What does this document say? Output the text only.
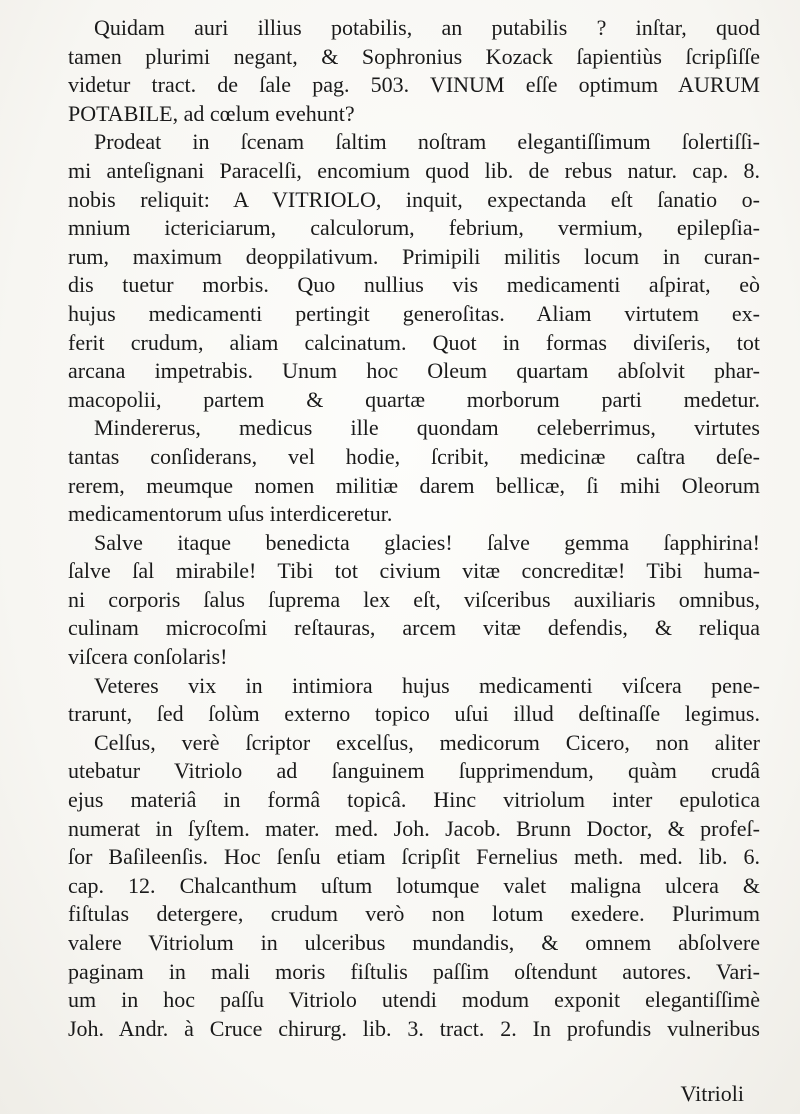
Quidam auri illius potabilis, an putabilis ? inſtar, quod
tamen plurimi negant, & Sophronius Kozack ſapientiùs ſcripſiſſe
videtur tract. de ſale pag. 503. VINUM eſſe optimum AURUM
POTABILE, ad cœlum evehunt?
Prodeat in ſcenam ſaltim noſtram elegantiſſimum ſolertiſſi-
mi anteſignani Paracelſi, encomium quod lib. de rebus natur. cap. 8.
nobis reliquit: A VITRIOLO, inquit, expectanda eſt ſanatio o-
mnium ictericiarum, calculorum, febrium, vermium, epilepſia-
rum, maximum deoppilativum. Primipili militis locum in curan-
dis tuetur morbis. Quo nullius vis medicamenti aſpirat, eò
hujus medicamenti pertingit generoſitas. Aliam virtutem ex-
ferit crudum, aliam calcinatum. Quot in formas diviſeris, tot
arcana impetrabis. Unum hoc Oleum quartam abſolvit phar-
macopolii, partem & quartæ morborum parti medetur.
Mindererus, medicus ille quondam celeberrimus, virtutes
tantas conſiderans, vel hodie, ſcribit, medicinæ caſtra deſe-
rerem, meumque nomen militiæ darem bellicæ, ſi mihi Oleorum
medicamentorum uſus interdiceretur.
Salve itaque benedicta glacies! ſalve gemma ſapphirina!
ſalve ſal mirabile! Tibi tot civium vitæ concreditæ! Tibi huma-
ni corporis ſalus ſuprema lex eſt, viſceribus auxiliaris omnibus,
culinam microcoſmi reſtauras, arcem vitæ defendis, & reliqua
viſcera conſolaris!
Veteres vix in intimiora hujus medicamenti viſcera pene-
trarunt, ſed ſolùm externo topico uſui illud deſtinaſſe legimus.
Celſus, verè ſcriptor excelſus, medicorum Cicero, non aliter
utebatur Vitriolo ad ſanguinem ſupprimendum, quàm crudâ
ejus materiâ in formâ topicâ. Hinc vitriolum inter epulotica
numerat in ſyſtem. mater. med. Joh. Jacob. Brunn Doctor, & profeſ-
ſor Baſileenſis. Hoc ſenſu etiam ſcripſit Fernelius meth. med. lib. 6.
cap. 12. Chalcanthum uſtum lotumque valet maligna ulcera &
fiſtulas detergere, crudum verò non lotum exedere. Plurimum
valere Vitriolum in ulceribus mundandis, & omnem abſolvere
paginam in mali moris fiſtulis paſſim oſtendunt autores. Vari-
um in hoc paſſu Vitriolo utendi modum exponit elegantiſſimè
Joh. Andr. à Cruce chirurg. lib. 3. tract. 2. In profundis vulneribus
Vitrioli
